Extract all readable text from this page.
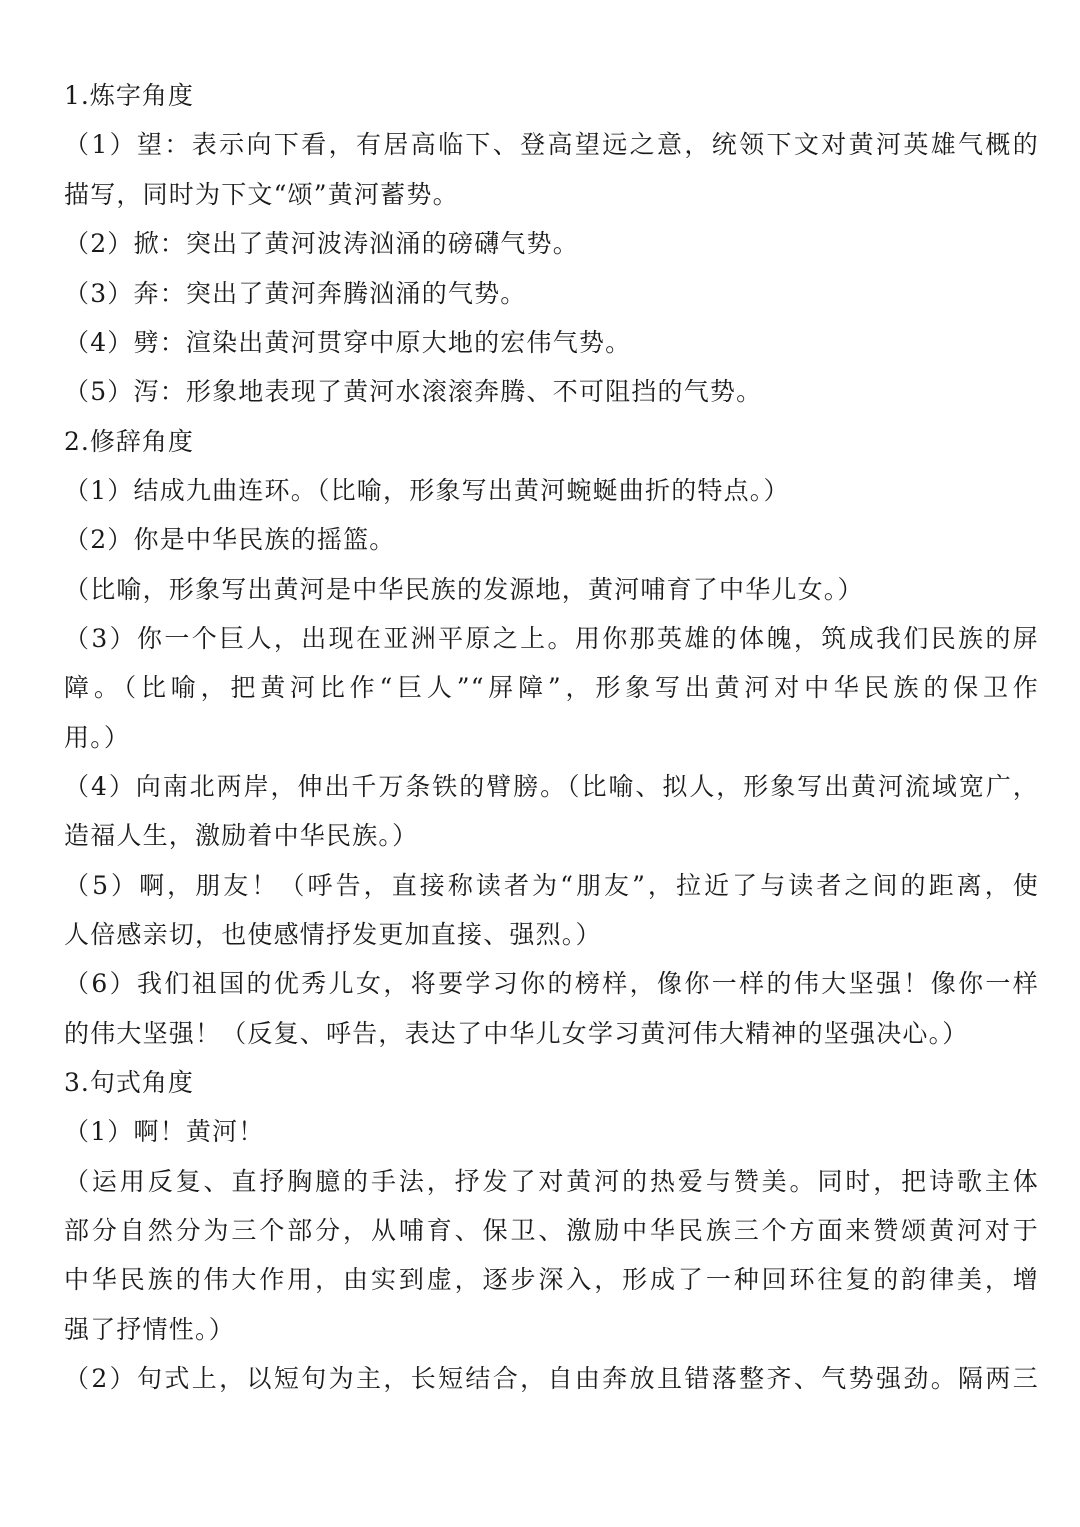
1.炼字角度
（1）望：表示向下看，有居高临下、登高望远之意，统领下文对黄河英雄气概的
描写，同时为下文“颂”黄河蓄势。
（2）掀：突出了黄河波涛汹涌的磅礴气势。
（3）奔：突出了黄河奔腾汹涌的气势。
（4）劈：渲染出黄河贯穿中原大地的宏伟气势。
（5）泻：形象地表现了黄河水滚滚奔腾、不可阻挡的气势。
2.修辞角度
（1）结成九曲连环。（比喻，形象写出黄河蜿蜒曲折的特点。）
（2）你是中华民族的摇篮。
（比喻，形象写出黄河是中华民族的发源地，黄河哺育了中华儿女。）
（3）你一个巨人，出现在亚洲平原之上。用你那英雄的体魄，筑成我们民族的屏
障。（比喻，把黄河比作“巨人”“屏障”，形象写出黄河对中华民族的保卫作
用。）
（4）向南北两岸，伸出千万条铁的臂膀。（比喻、拟人，形象写出黄河流域宽广，
造福人生，激励着中华民族。）
（5）啊，朋友！（呼告，直接称读者为“朋友”，拉近了与读者之间的距离，使
人倍感亲切，也使感情抒发更加直接、强烈。）
（6）我们祖国的优秀儿女，将要学习你的榜样，像你一样的伟大坚强！像你一样
的伟大坚强！（反复、呼告，表达了中华儿女学习黄河伟大精神的坚强决心。）
3.句式角度
（1）啊！黄河！
（运用反复、直抒胸臆的手法，抒发了对黄河的热爱与赞美。同时，把诗歌主体
部分自然分为三个部分，从哺育、保卫、激励中华民族三个方面来赞颂黄河对于
中华民族的伟大作用，由实到虚，逐步深入，形成了一种回环往复的韵律美，增
强了抒情性。）
（2）句式上，以短句为主，长短结合，自由奔放且错落整齐、气势强劲。隔两三
